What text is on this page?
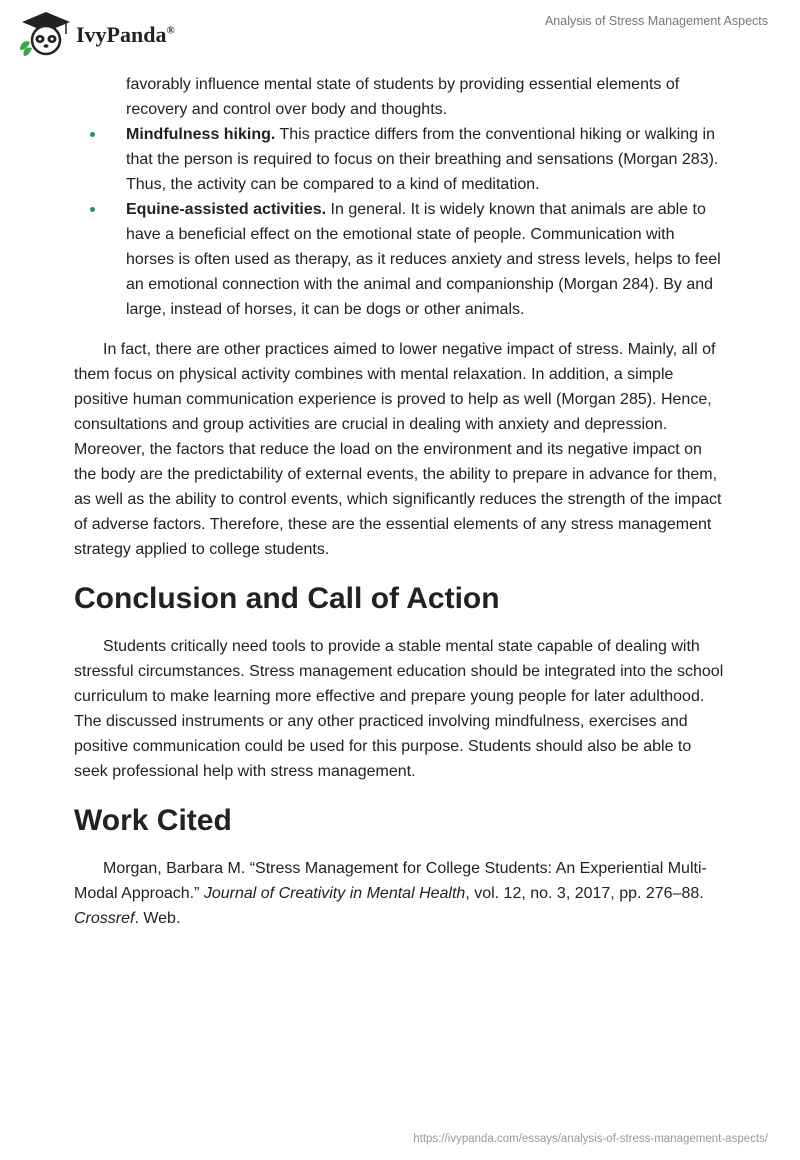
IvyPanda®
Analysis of Stress Management Aspects
favorably influence mental state of students by providing essential elements of recovery and control over body and thoughts.
Mindfulness hiking. This practice differs from the conventional hiking or walking in that the person is required to focus on their breathing and sensations (Morgan 283). Thus, the activity can be compared to a kind of meditation.
Equine-assisted activities. In general. It is widely known that animals are able to have a beneficial effect on the emotional state of people. Communication with horses is often used as therapy, as it reduces anxiety and stress levels, helps to feel an emotional connection with the animal and companionship (Morgan 284). By and large, instead of horses, it can be dogs or other animals.

In fact, there are other practices aimed to lower negative impact of stress. Mainly, all of them focus on physical activity combines with mental relaxation. In addition, a simple positive human communication experience is proved to help as well (Morgan 285). Hence, consultations and group activities are crucial in dealing with anxiety and depression. Moreover, the factors that reduce the load on the environment and its negative impact on the body are the predictability of external events, the ability to prepare in advance for them, as well as the ability to control events, which significantly reduces the strength of the impact of adverse factors. Therefore, these are the essential elements of any stress management strategy applied to college students.

Conclusion and Call of Action

Students critically need tools to provide a stable mental state capable of dealing with stressful circumstances. Stress management education should be integrated into the school curriculum to make learning more effective and prepare young people for later adulthood. The discussed instruments or any other practiced involving mindfulness, exercises and positive communication could be used for this purpose. Students should also be able to seek professional help with stress management.

Work Cited

Morgan, Barbara M. “Stress Management for College Students: An Experiential Multi-Modal Approach.” Journal of Creativity in Mental Health, vol. 12, no. 3, 2017, pp. 276–88. Crossref. Web.

https://ivypanda.com/essays/analysis-of-stress-management-aspects/
